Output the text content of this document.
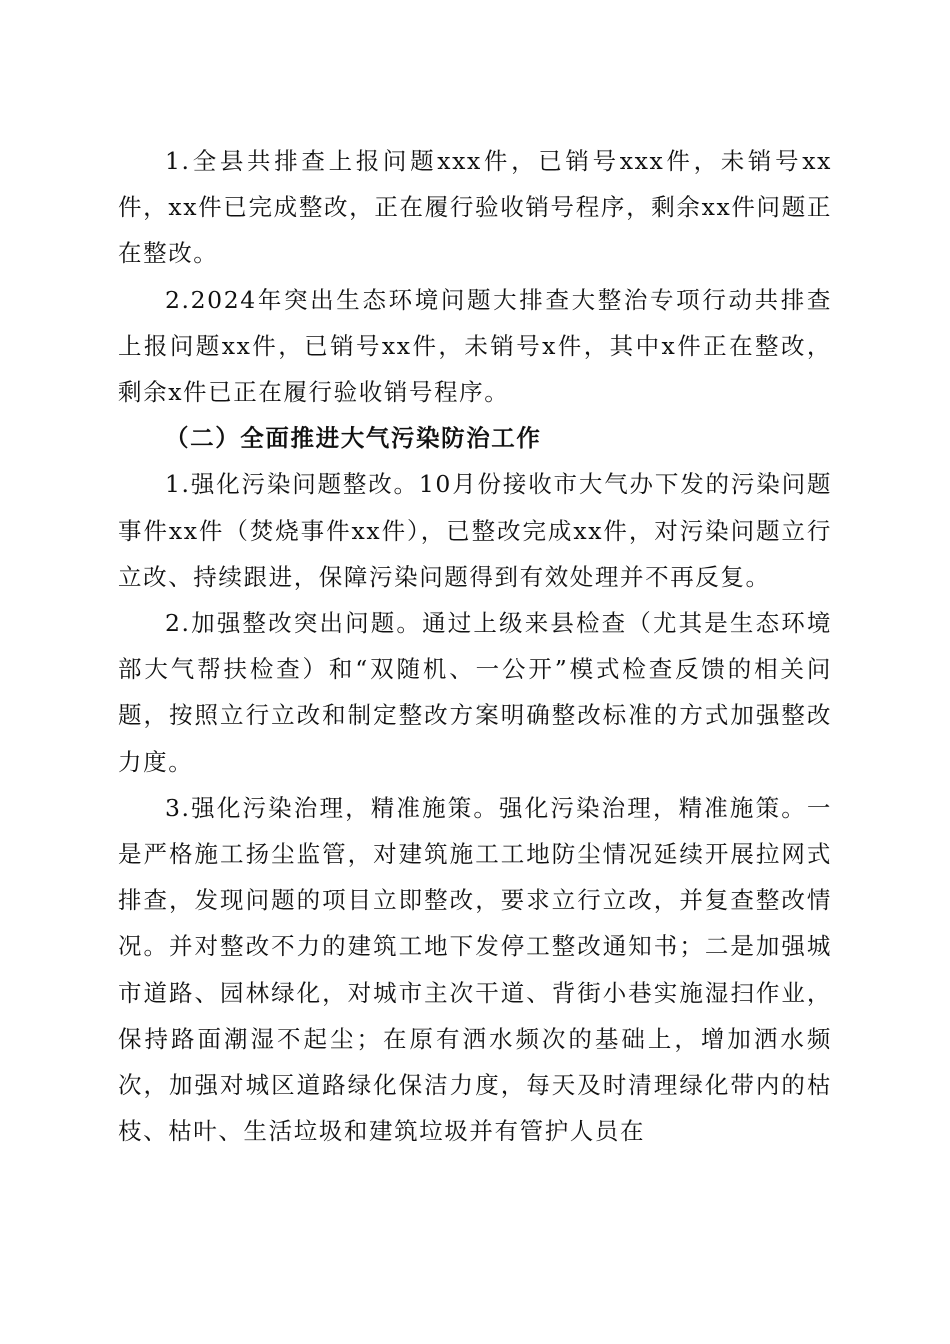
1.全县共排查上报问题xxx件，已销号xxx件，未销号xx件，xx件已完成整改，正在履行验收销号程序，剩余xx件问题正在整改。

2.2024年突出生态环境问题大排查大整治专项行动共排查上报问题xx件，已销号xx件，未销号x件，其中x件正在整改，剩余x件已正在履行验收销号程序。

（二）全面推进大气污染防治工作

1.强化污染问题整改。10月份接收市大气办下发的污染问题事件xx件（焚烧事件xx件），已整改完成xx件，对污染问题立行立改、持续跟进，保障污染问题得到有效处理并不再反复。

2.加强整改突出问题。通过上级来县检查（尤其是生态环境部大气帮扶检查）和“双随机、一公开”模式检查反馈的相关问题，按照立行立改和制定整改方案明确整改标准的方式加强整改力度。

3.强化污染治理，精准施策。强化污染治理，精准施策。一是严格施工扬尘监管，对建筑施工工地防尘情况延续开展拉网式排查，发现问题的项目立即整改，要求立行立改，并复查整改情况。并对整改不力的建筑工地下发停工整改通知书；二是加强城市道路、园林绿化，对城市主次干道、背街小巷实施湿扫作业，保持路面潮湿不起尘；在原有洒水频次的基础上，增加洒水频次，加强对城区道路绿化保洁力度，每天及时清理绿化带内的枯枝、枯叶、生活垃圾和建筑垃圾并有管护人员在
